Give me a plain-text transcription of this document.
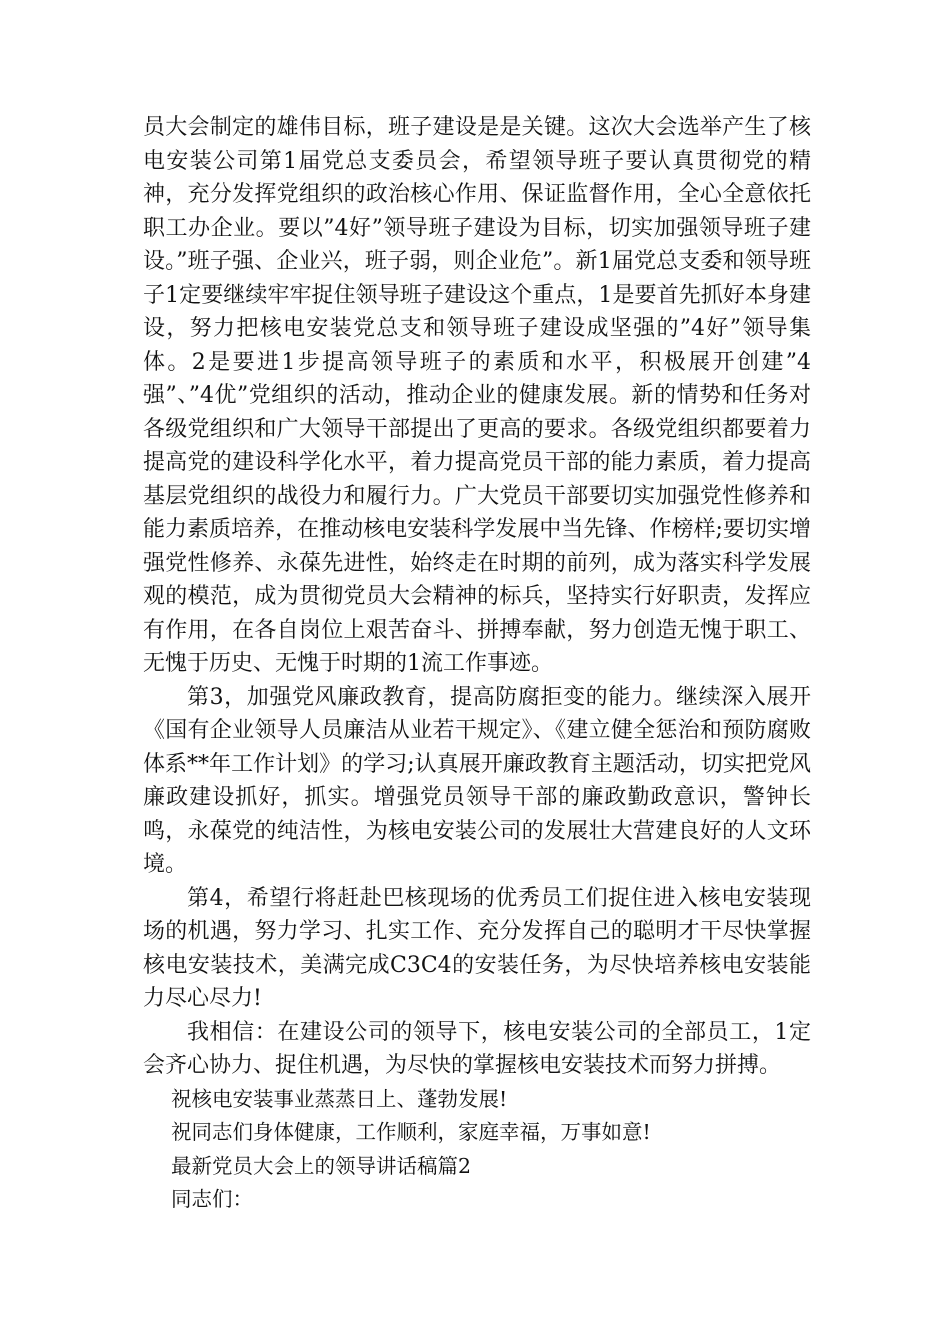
员大会制定的雄伟目标，班子建设是是关键。这次大会选举产生了核电安装公司第1届党总支委员会，希望领导班子要认真贯彻党的精神，充分发挥党组织的政治核心作用、保证监督作用，全心全意依托职工办企业。要以”4好”领导班子建设为目标，切实加强领导班子建设。”班子强、企业兴，班子弱，则企业危”。新1届党总支委和领导班子1定要继续牢牢捉住领导班子建设这个重点，1是要首先抓好本身建设，努力把核电安装党总支和领导班子建设成坚强的”4好”领导集体。2是要进1步提高领导班子的素质和水平，积极展开创建”4强”、”4优”党组织的活动，推动企业的健康发展。新的情势和任务对各级党组织和广大领导干部提出了更高的要求。各级党组织都要着力提高党的建设科学化水平，着力提高党员干部的能力素质，着力提高基层党组织的战役力和履行力。广大党员干部要切实加强党性修养和能力素质培养，在推动核电安装科学发展中当先锋、作榜样;要切实增强党性修养、永葆先进性，始终走在时期的前列，成为落实科学发展观的模范，成为贯彻党员大会精神的标兵，坚持实行好职责，发挥应有作用，在各自岗位上艰苦奋斗、拼搏奉献，努力创造无愧于职工、无愧于历史、无愧于时期的1流工作事迹。

第3，加强党风廉政教育，提高防腐拒变的能力。继续深入展开《国有企业领导人员廉洁从业若干规定》、《建立健全惩治和预防腐败体系**年工作计划》的学习;认真展开廉政教育主题活动，切实把党风廉政建设抓好，抓实。增强党员领导干部的廉政勤政意识，警钟长鸣，永葆党的纯洁性，为核电安装公司的发展壮大营建良好的人文环境。

第4，希望行将赶赴巴核现场的优秀员工们捉住进入核电安装现场的机遇，努力学习、扎实工作、充分发挥自己的聪明才干尽快掌握核电安装技术，美满完成C3C4的安装任务，为尽快培养核电安装能力尽心尽力!

我相信：在建设公司的领导下，核电安装公司的全部员工，1定会齐心协力、捉住机遇，为尽快的掌握核电安装技术而努力拼搏。

祝核电安装事业蒸蒸日上、蓬勃发展!

祝同志们身体健康，工作顺利，家庭幸福，万事如意!

最新党员大会上的领导讲话稿篇2

同志们：
